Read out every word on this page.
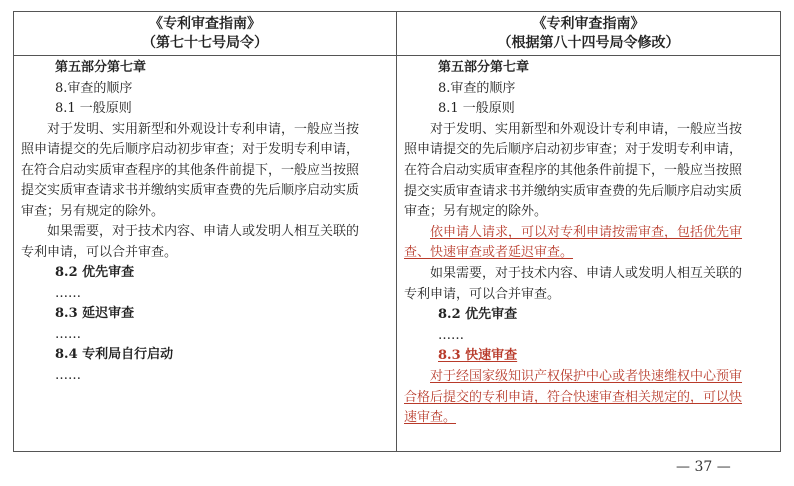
《专利审查指南》
（第七十七号局令）
第五部分第七章
8.审查的顺序
8.1 一般原则
对于发明、实用新型和外观设计专利申请，一般应当按
照申请提交的先后顺序启动初步审查；对于发明专利申请，
在符合启动实质审查程序的其他条件前提下，一般应当按照
提交实质审查请求书并缴纳实质审查费的先后顺序启动实质
审查；另有规定的除外。
如果需要，对于技术内容、申请人或发明人相互关联的
专利申请，可以合并审查。
8.2 优先审查
……
8.3 延迟审查
……
8.4 专利局自行启动
……
《专利审查指南》
（根据第八十四号局令修改）
第五部分第七章
8.审查的顺序
8.1 一般原则
对于发明、实用新型和外观设计专利申请，一般应当按
照申请提交的先后顺序启动初步审查；对于发明专利申请，
在符合启动实质审查程序的其他条件前提下，一般应当按照
提交实质审查请求书并缴纳实质审查费的先后顺序启动实质
审查；另有规定的除外。
依申请人请求，可以对专利申请按需审查，包括优先审
查、快速审查或者延迟审查。
如果需要，对于技术内容、申请人或发明人相互关联的
专利申请，可以合并审查。
8.2 优先审查
……
8.3 快速审查
对于经国家级知识产权保护中心或者快速维权中心预审
合格后提交的专利申请，符合快速审查相关规定的，可以快
速审查。
— 37 —
